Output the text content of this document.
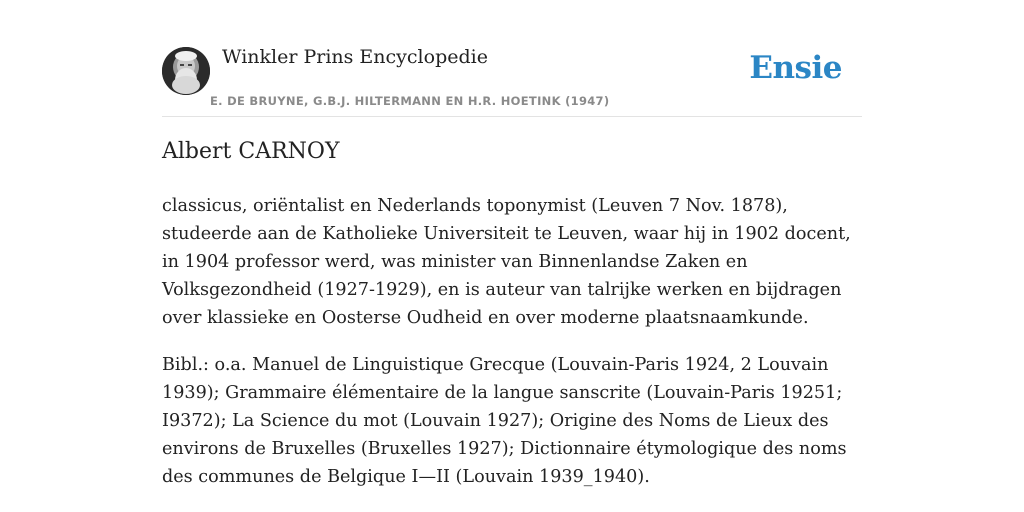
Winkler Prins Encyclopedie
E. DE BRUYNE, G.B.J. HILTERMANN EN H.R. HOETINK (1947)
Ensie
Albert CARNOY

classicus, oriëntalist en Nederlands toponymist (Leuven 7 Nov. 1878), studeerde aan de Katholieke Universiteit te Leuven, waar hij in 1902 docent, in 1904 professor werd, was minister van Binnenlandse Zaken en Volksgezondheid (1927-1929), en is auteur van talrijke werken en bijdragen over klassieke en Oosterse Oudheid en over moderne plaatsnaamkunde.

Bibl.: o.a. Manuel de Linguistique Grecque (Louvain-Paris 1924, 2 Louvain 1939); Grammaire élémentaire de la langue sanscrite (Louvain-Paris 19251; I9372); La Science du mot (Louvain 1927); Origine des Noms de Lieux des environs de Bruxelles (Bruxelles 1927); Dictionnaire étymologique des noms des communes de Belgique I—II (Louvain 1939_1940).
